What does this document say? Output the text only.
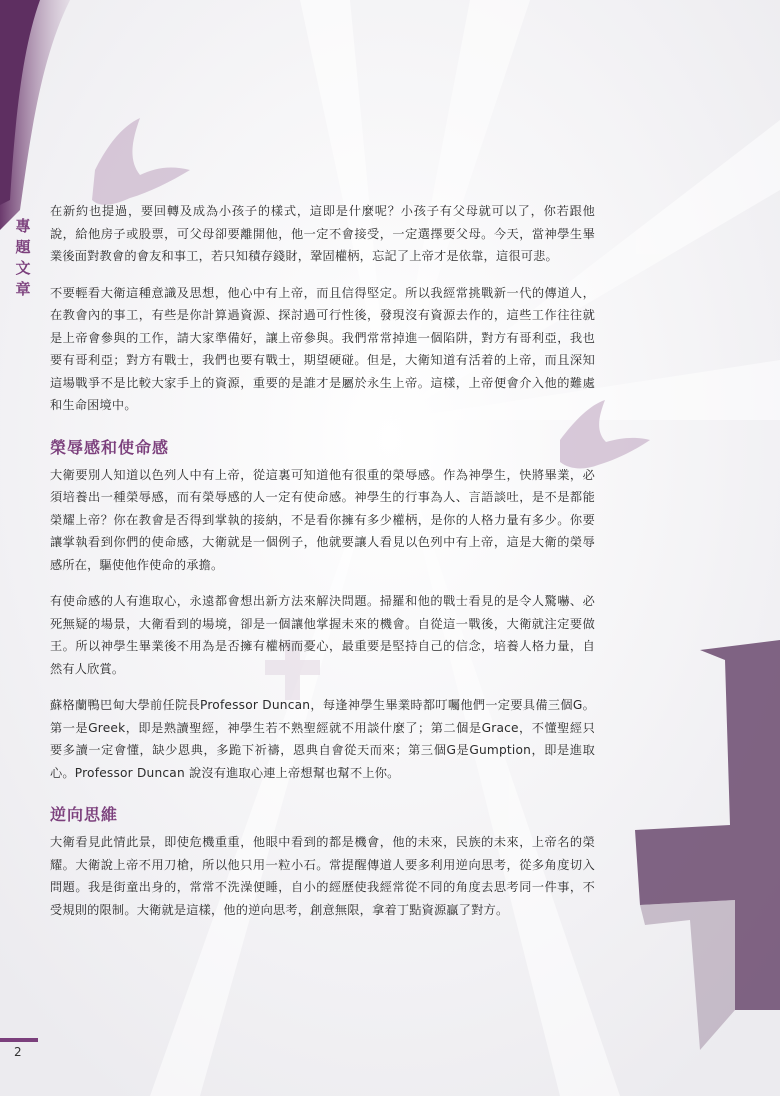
專題文章

在新約也提過，要回轉及成為小孩子的樣式，這即是什麼呢？小孩子有父母就可以了，你若跟他說，給他房子或股票，可父母卻要離開他，他一定不會接受，一定選擇要父母。今天，當神學生畢業後面對教會的會友和事工，若只知積存錢財，鞏固權柄，忘記了上帝才是依靠，這很可悲。

不要輕看大衛這種意識及思想，他心中有上帝，而且信得堅定。所以我經常挑戰新一代的傳道人，在教會內的事工，有些是你計算過資源、探討過可行性後，發現沒有資源去作的，這些工作往往就是上帝會參與的工作，請大家準備好，讓上帝參與。我們常常掉進一個陷阱，對方有哥利亞，我也要有哥利亞；對方有戰士，我們也要有戰士，期望硬碰。但是，大衛知道有活着的上帝，而且深知這場戰爭不是比較大家手上的資源，重要的是誰才是屬於永生上帝。這樣，上帝便會介入他的難處和生命困境中。

榮辱感和使命感

大衛要別人知道以色列人中有上帝，從這裏可知道他有很重的榮辱感。作為神學生，快將畢業，必須培養出一種榮辱感，而有榮辱感的人一定有使命感。神學生的行事為人、言語談吐，是不是都能榮耀上帝？你在教會是否得到掌執的接納，不是看你擁有多少權柄，是你的人格力量有多少。你要讓掌執看到你們的使命感，大衛就是一個例子，他就要讓人看見以色列中有上帝，這是大衛的榮辱感所在，驅使他作使命的承擔。

有使命感的人有進取心，永遠都會想出新方法來解決問題。掃羅和他的戰士看見的是令人驚嚇、必死無疑的場景，大衛看到的場境，卻是一個讓他掌握未來的機會。自從這一戰後，大衛就注定要做王。所以神學生畢業後不用為是否擁有權柄而憂心，最重要是堅持自己的信念，培養人格力量，自然有人欣賞。

蘇格蘭鴨巴甸大學前任院長Professor Duncan，每逢神學生畢業時都叮囑他們一定要具備三個G。第一是Greek，即是熟讀聖經，神學生若不熟聖經就不用談什麼了；第二個是Grace，不懂聖經只要多讀一定會懂，缺少恩典，多跪下祈禱，恩典自會從天而來；第三個G是Gumption，即是進取心。Professor Duncan 說沒有進取心連上帝想幫也幫不上你。

逆向思維

大衛看見此情此景，即使危機重重，他眼中看到的都是機會，他的未來，民族的未來，上帝名的榮耀。大衛說上帝不用刀槍，所以他只用一粒小石。常提醒傳道人要多利用逆向思考，從多角度切入問題。我是街童出身的，常常不洗澡便睡，自小的經歷使我經常從不同的角度去思考同一件事，不受規則的限制。大衛就是這樣，他的逆向思考，創意無限，拿着丁點資源贏了對方。

2
